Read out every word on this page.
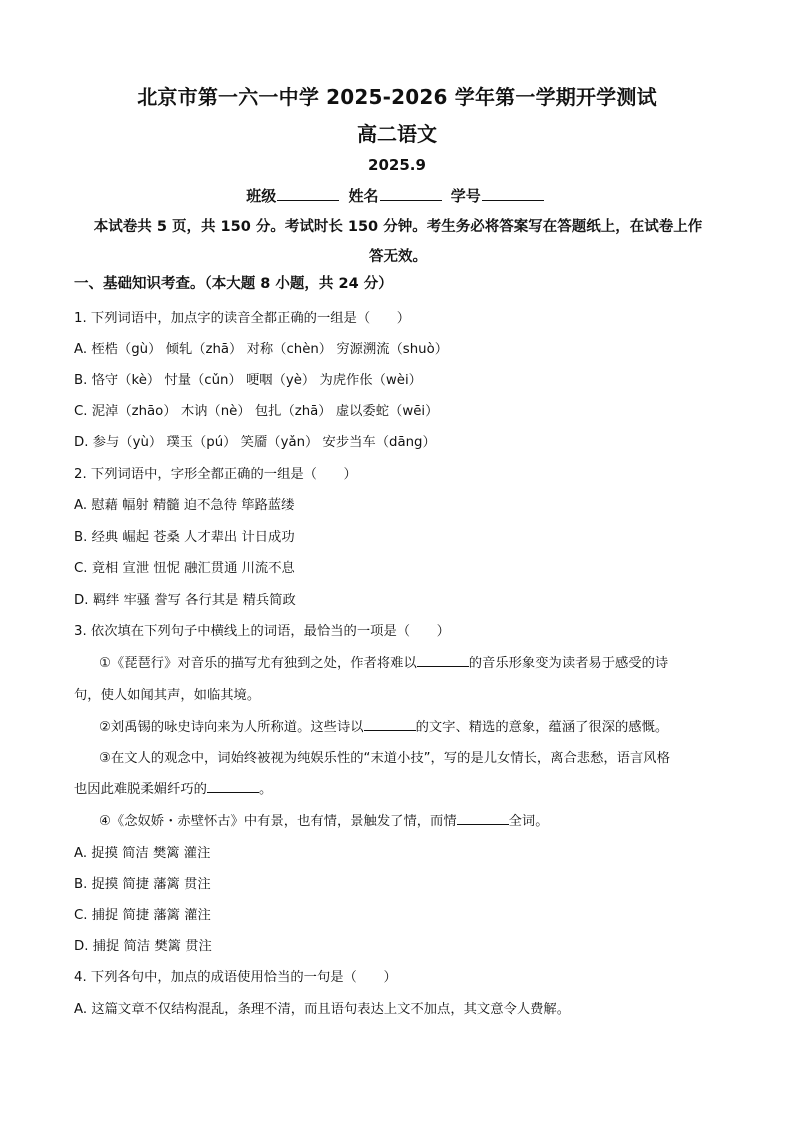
北京市第一六一中学 2025-2026 学年第一学期开学测试
高二语文
2025.9
班级	姓名	学号
本试卷共 5 页，共 150 分。考试时长 150 分钟。考生务必将答案写在答题纸上，在试卷上作
答无效。
一、基础知识考查。（本大题 8 小题，共 24 分）
1. 下列词语中，加点字的读音全都正确的一组是（　　）
A. 桎梏（gù） 倾轧（zhā） 对称（chèn） 穷源溯流（shuò）
B. 恪守（kè） 忖量（cǔn） 哽咽（yè） 为虎作伥（wèi）
C. 泥淖（zhāo） 木讷（nè） 包扎（zhā） 虚以委蛇（wēi）
D. 参与（yù） 璞玉（pú） 笑靥（yǎn） 安步当车（dāng）
2. 下列词语中，字形全都正确的一组是（　　）
A. 慰藉 幅射 精髓 迫不急待 筚路蓝缕
B. 经典 崛起 苍桑 人才辈出 计日成功
C. 竟相 宣泄 忸怩 融汇贯通 川流不息
D. 羁绊 牢骚 誊写 各行其是 精兵简政
3. 依次填在下列句子中横线上的词语，最恰当的一项是（　　）
①《琵琶行》对音乐的描写尤有独到之处，作者将难以	的音乐形象变为读者易于感受的诗
句，使人如闻其声，如临其境。
②刘禹锡的咏史诗向来为人所称道。这些诗以	的文字、精选的意象，蕴涵了很深的感慨。
③在文人的观念中，词始终被视为纯娱乐性的“末道小技”，写的是儿女情长，离合悲愁，语言风格
也因此难脱柔媚纤巧的	。
④《念奴娇・赤壁怀古》中有景，也有情，景触发了情，而情	全词。
A. 捉摸 简洁 樊篱 灌注
B. 捉摸 简捷 藩篱 贯注
C. 捕捉 简捷 藩篱 灌注
D. 捕捉 简洁 樊篱 贯注
4. 下列各句中，加点的成语使用恰当的一句是（　　）
A. 这篇文章不仅结构混乱，条理不清，而且语句表达上文不加点，其文意令人费解。
